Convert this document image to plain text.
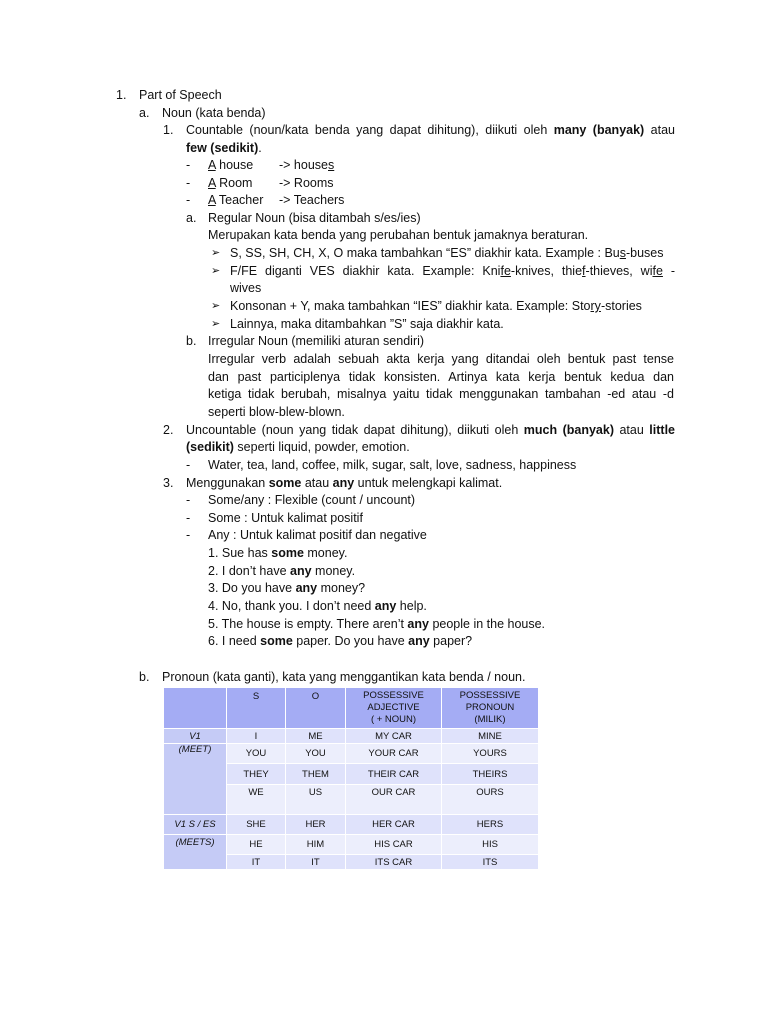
1. Part of Speech
a. Noun (kata benda)
1. Countable (noun/kata benda yang dapat dihitung), diikuti oleh many (banyak) atau
few (sedikit).
- A house -> houses
- A Room -> Rooms
- A Teacher -> Teachers
a. Regular Noun (bisa ditambah s/es/ies)
Merupakan kata benda yang perubahan bentuk jamaknya beraturan.
➢ S, SS, SH, CH, X, O maka tambahkan “ES” diakhir kata. Example : Bus-buses
➢ F/FE diganti VES diakhir kata. Example: Knife-knives, thief-thieves, wife -
wives
➢ Konsonan + Y, maka tambahkan “IES” diakhir kata. Example: Story-stories
➢ Lainnya, maka ditambahkan ”S” saja diakhir kata.
b. Irregular Noun (memiliki aturan sendiri)
Irregular verb adalah sebuah akta kerja yang ditandai oleh bentuk past tense
dan past participlenya tidak konsisten. Artinya kata kerja bentuk kedua dan
ketiga tidak berubah, misalnya yaitu tidak menggunakan tambahan -ed atau -d
seperti blow-blew-blown.
2. Uncountable (noun yang tidak dapat dihitung), diikuti oleh much (banyak) atau little
(sedikit) seperti liquid, powder, emotion.
- Water, tea, land, coffee, milk, sugar, salt, love, sadness, happiness
3. Menggunakan some atau any untuk melengkapi kalimat.
- Some/any : Flexible (count / uncount)
- Some : Untuk kalimat positif
- Any : Untuk kalimat positif dan negative
1. Sue has some money.
2. I don’t have any money.
3. Do you have any money?
4. No, thank you. I don’t need any help.
5. The house is empty. There aren’t any people in the house.
6. I need some paper. Do you have any paper?
b. Pronoun (kata ganti), kata yang menggantikan kata benda / noun.
	S	O	POSSESSIVE
ADJECTIVE
( + NOUN)	POSSESSIVE
PRONOUN
(MILIK)
V1	I	ME	MY CAR	MINE
(MEET)	YOU	YOU	YOUR CAR	YOURS
	THEY	THEM	THEIR CAR	THEIRS
	WE	US	OUR CAR	OURS
V1 S / ES	SHE	HER	HER CAR	HERS
(MEETS)	HE	HIM	HIS CAR	HIS
	IT	IT	ITS CAR	ITS
